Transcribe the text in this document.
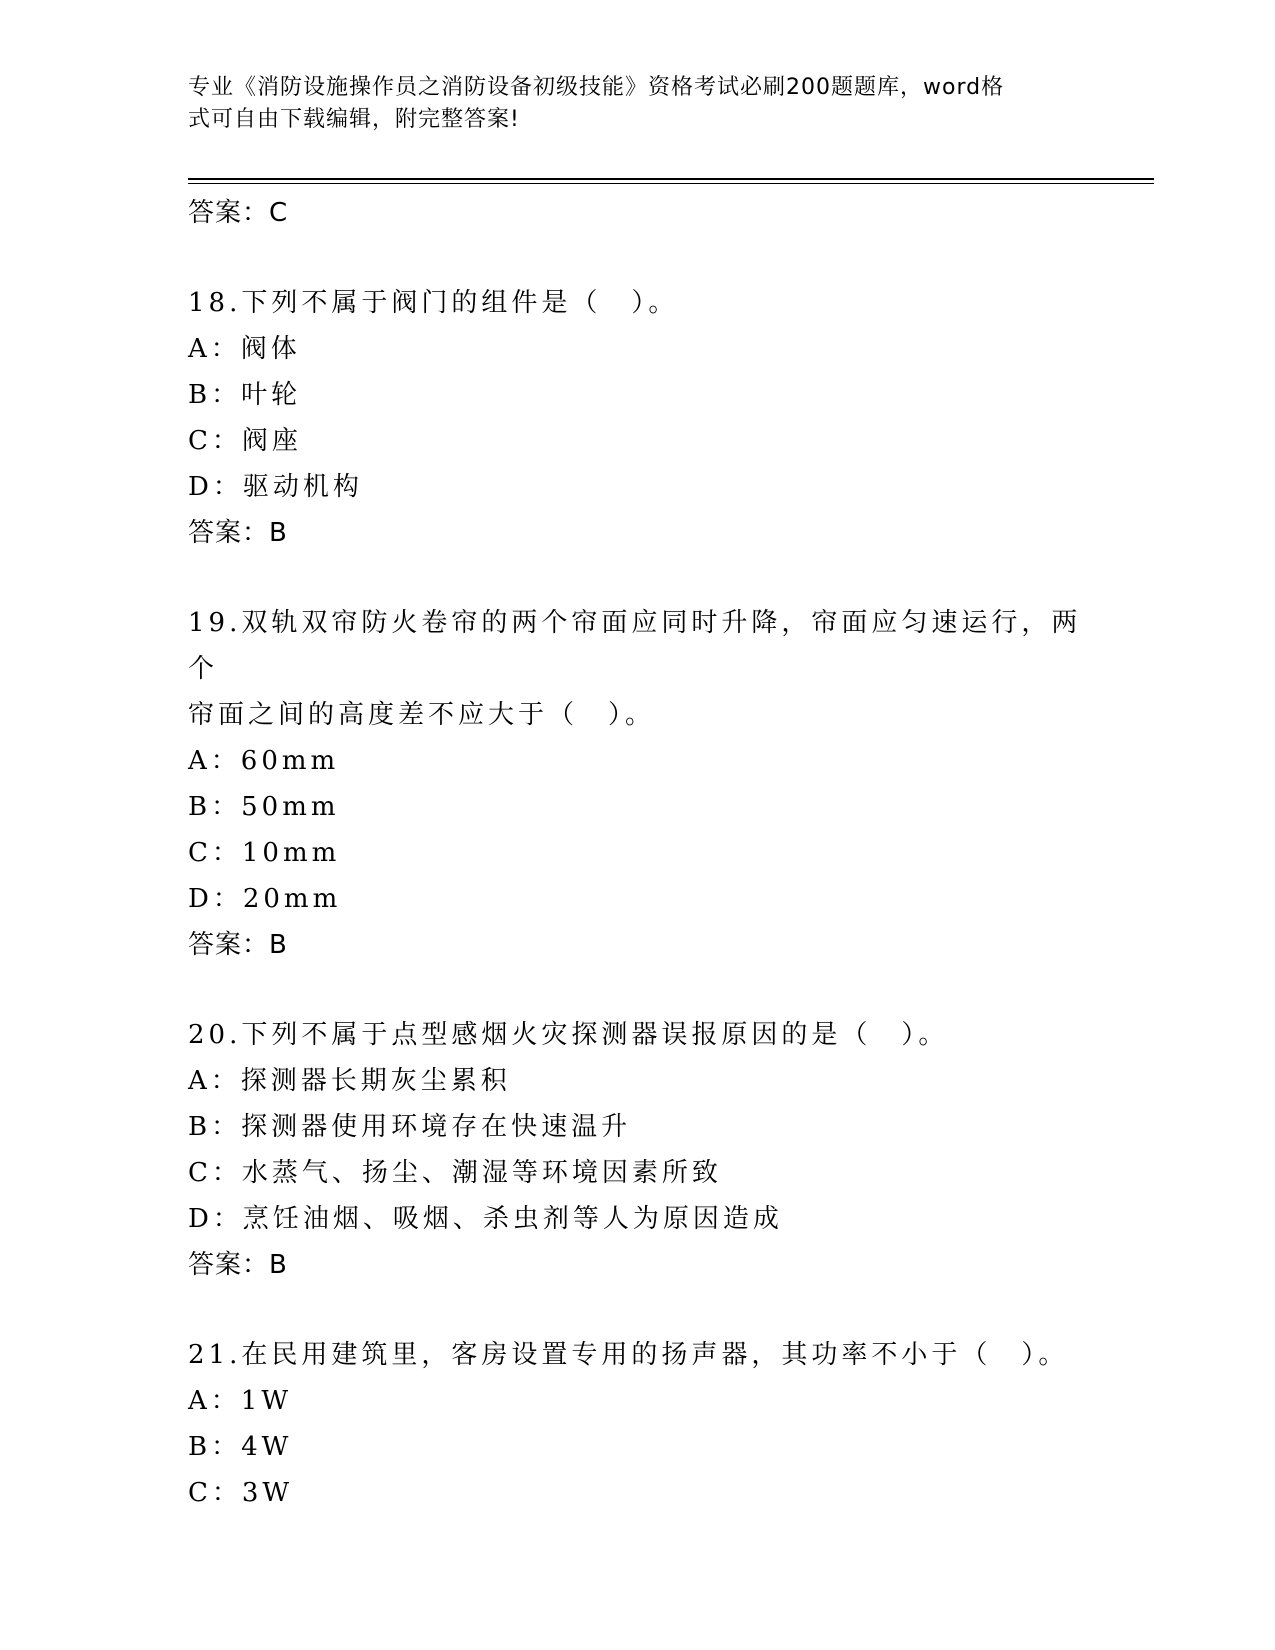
专业《消防设施操作员之消防设备初级技能》资格考试必刷200题题库，word格
式可自由下载编辑，附完整答案!
答案：C
18.下列不属于阀门的组件是（　）。
A：阀体
B：叶轮
C：阀座
D：驱动机构
答案：B
19.双轨双帘防火卷帘的两个帘面应同时升降，帘面应匀速运行，两个
帘面之间的高度差不应大于（　）。
A：60mm
B：50mm
C：10mm
D：20mm
答案：B
20.下列不属于点型感烟火灾探测器误报原因的是（　）。
A：探测器长期灰尘累积
B：探测器使用环境存在快速温升
C：水蒸气、扬尘、潮湿等环境因素所致
D：烹饪油烟、吸烟、杀虫剂等人为原因造成
答案：B
21.在民用建筑里，客房设置专用的扬声器，其功率不小于（　）。
A：1W
B：4W
C：3W
